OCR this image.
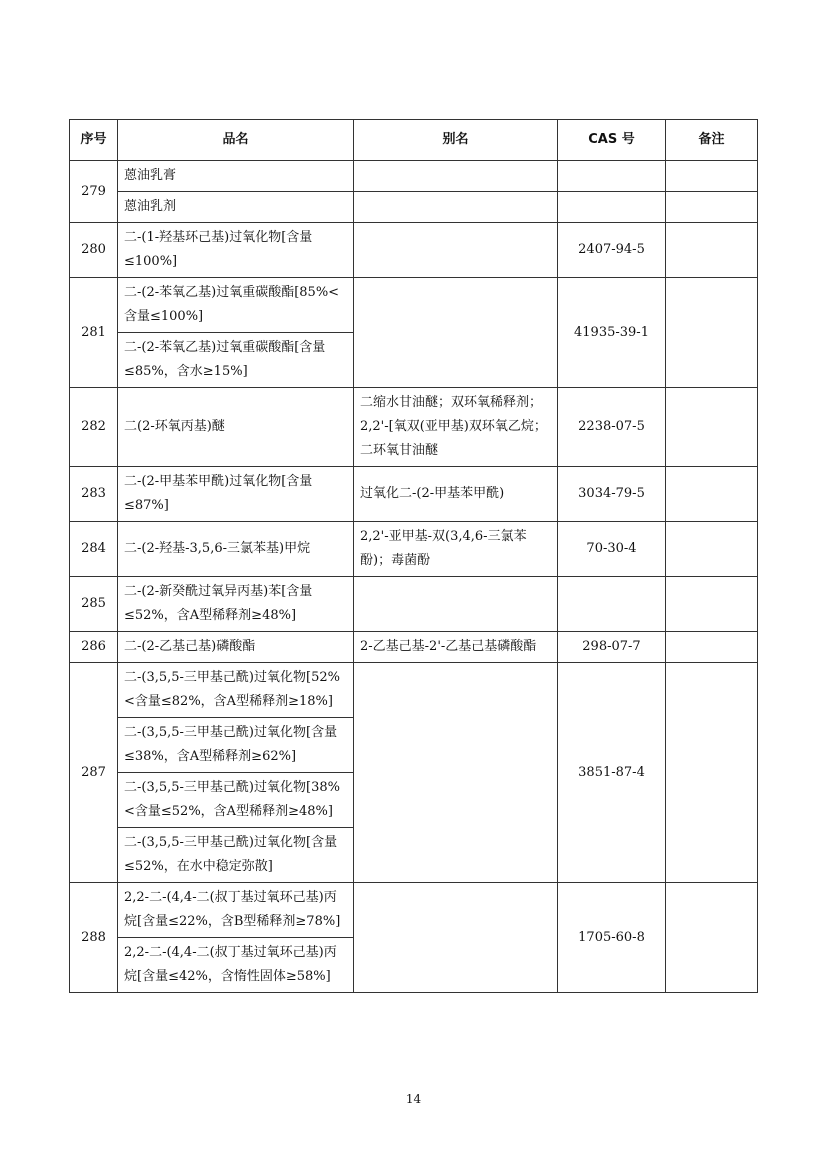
序号	品名	别名	CAS 号	备注
279	蒽油乳膏			
	蒽油乳剂			
280	二-(1-羟基环己基)过氧化物[含量≤100%]		2407-94-5	
281	二-(2-苯氧乙基)过氧重碳酸酯[85%<含量≤100%]		41935-39-1	
	二-(2-苯氧乙基)过氧重碳酸酯[含量≤85%，含水≥15%]			
282	二(2-环氧丙基)醚	二缩水甘油醚；双环氧稀释剂；2,2'-[氧双(亚甲基)双环氧乙烷；二环氧甘油醚	2238-07-5	
283	二-(2-甲基苯甲酰)过氧化物[含量≤87%]	过氧化二-(2-甲基苯甲酰)	3034-79-5	
284	二-(2-羟基-3,5,6-三氯苯基)甲烷	2,2'-亚甲基-双(3,4,6-三氯苯酚)；毒菌酚	70-30-4	
285	二-(2-新癸酰过氧异丙基)苯[含量≤52%，含A型稀释剂≥48%]			
286	二-(2-乙基己基)磷酸酯	2-乙基己基-2'-乙基己基磷酸酯	298-07-7	
287	二-(3,5,5-三甲基己酰)过氧化物[52%<含量≤82%，含A型稀释剂≥18%]		3851-87-4	
	二-(3,5,5-三甲基己酰)过氧化物[含量≤38%，含A型稀释剂≥62%]			
	二-(3,5,5-三甲基己酰)过氧化物[38%<含量≤52%，含A型稀释剂≥48%]			
	二-(3,5,5-三甲基己酰)过氧化物[含量≤52%，在水中稳定弥散]			
288	2,2-二-(4,4-二(叔丁基过氧环己基)丙烷[含量≤22%，含B型稀释剂≥78%]		1705-60-8	
	2,2-二-(4,4-二(叔丁基过氧环己基)丙烷[含量≤42%，含惰性固体≥58%]			
14
